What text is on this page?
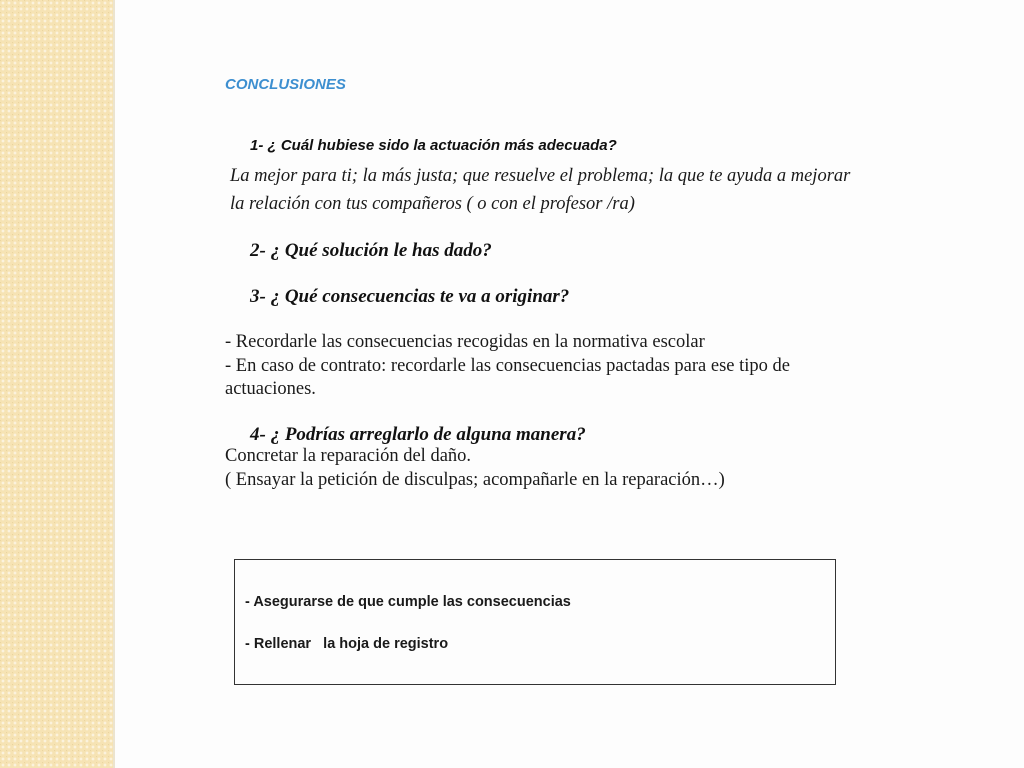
CONCLUSIONES

1- ¿ Cuál hubiese sido la actuación más adecuada?

La mejor para ti; la más justa; que resuelve el problema; la que te ayuda a mejorar
la relación con tus compañeros ( o con el profesor /ra)

2- ¿ Qué solución le has dado?

3- ¿ Qué consecuencias te va a originar?

- Recordarle las consecuencias recogidas en la normativa escolar
- En caso de contrato: recordarle las consecuencias pactadas para ese tipo de
actuaciones.

4- ¿ Podrías arreglarlo de alguna manera?

Concretar la reparación del daño.
( Ensayar la petición de disculpas; acompañarle en la reparación…)

- Asegurarse de que cumple las consecuencias

- Rellenar   la hoja de registro
